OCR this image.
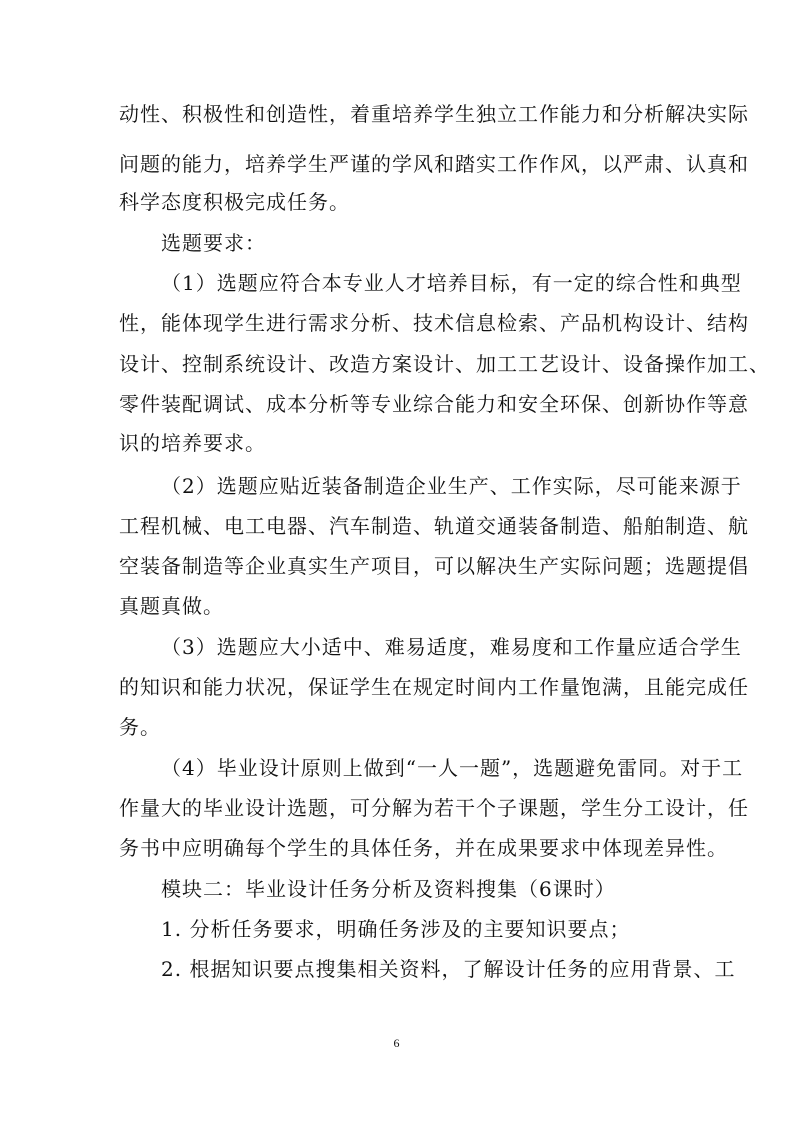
动性、积极性和创造性，着重培养学生独立工作能力和分析解决实际
问题的能力，培养学生严谨的学风和踏实工作作风，以严肃、认真和
科学态度积极完成任务。
选题要求：
（1）选题应符合本专业人才培养目标，有一定的综合性和典型
性，能体现学生进行需求分析、技术信息检索、产品机构设计、结构
设计、控制系统设计、改造方案设计、加工工艺设计、设备操作加工、
零件装配调试、成本分析等专业综合能力和安全环保、创新协作等意
识的培养要求。
（2）选题应贴近装备制造企业生产、工作实际，尽可能来源于
工程机械、电工电器、汽车制造、轨道交通装备制造、船舶制造、航
空装备制造等企业真实生产项目，可以解决生产实际问题；选题提倡
真题真做。
（3）选题应大小适中、难易适度，难易度和工作量应适合学生
的知识和能力状况，保证学生在规定时间内工作量饱满，且能完成任
务。
（4）毕业设计原则上做到“一人一题”，选题避免雷同。对于工
作量大的毕业设计选题，可分解为若干个子课题，学生分工设计，任
务书中应明确每个学生的具体任务，并在成果要求中体现差异性。
模块二：毕业设计任务分析及资料搜集（6课时）
1. 分析任务要求，明确任务涉及的主要知识要点；
2. 根据知识要点搜集相关资料，了解设计任务的应用背景、工
6
